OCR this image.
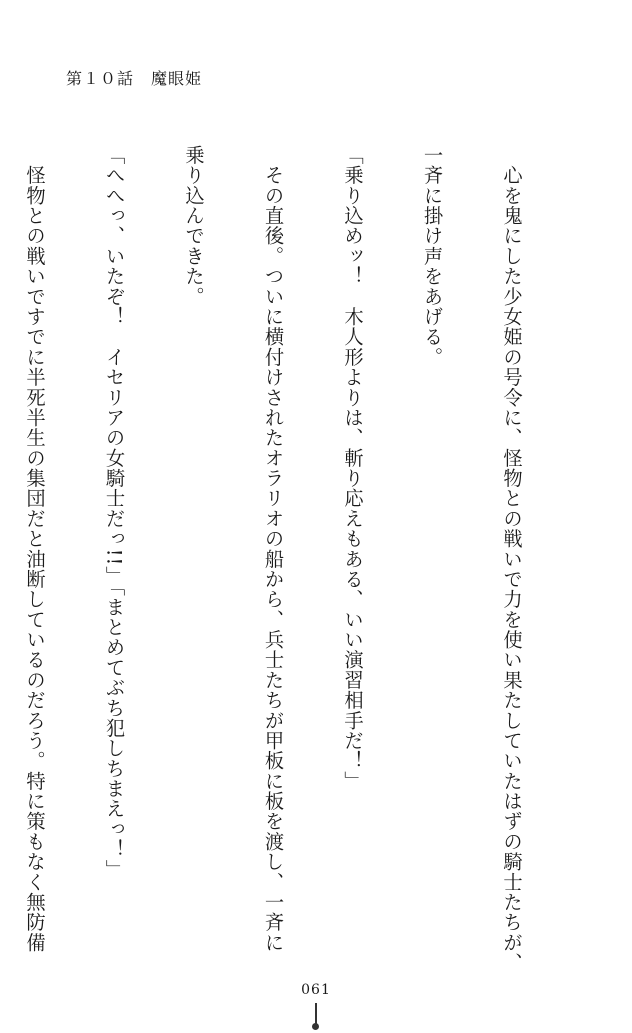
第１０話　魔眼姫

　心を鬼にした少女姫の号令に、怪物との戦いで力を使い果たしていたはずの騎士たちが、

一斉に掛け声をあげる。

「乗り込めッ！　木人形よりは、斬り応えもある、いい演習相手だ！」

　その直後。ついに横付けされたオラリオの船から、兵士たちが甲板に板を渡し、一斉に

乗り込んできた。

「へへっ、いたぞ！　イセリアの女騎士だっ!!」「まとめてぶち犯しちまえっ！」

　怪物との戦いですでに半死半生の集団だと油断しているのだろう。特に策もなく無防備

061
